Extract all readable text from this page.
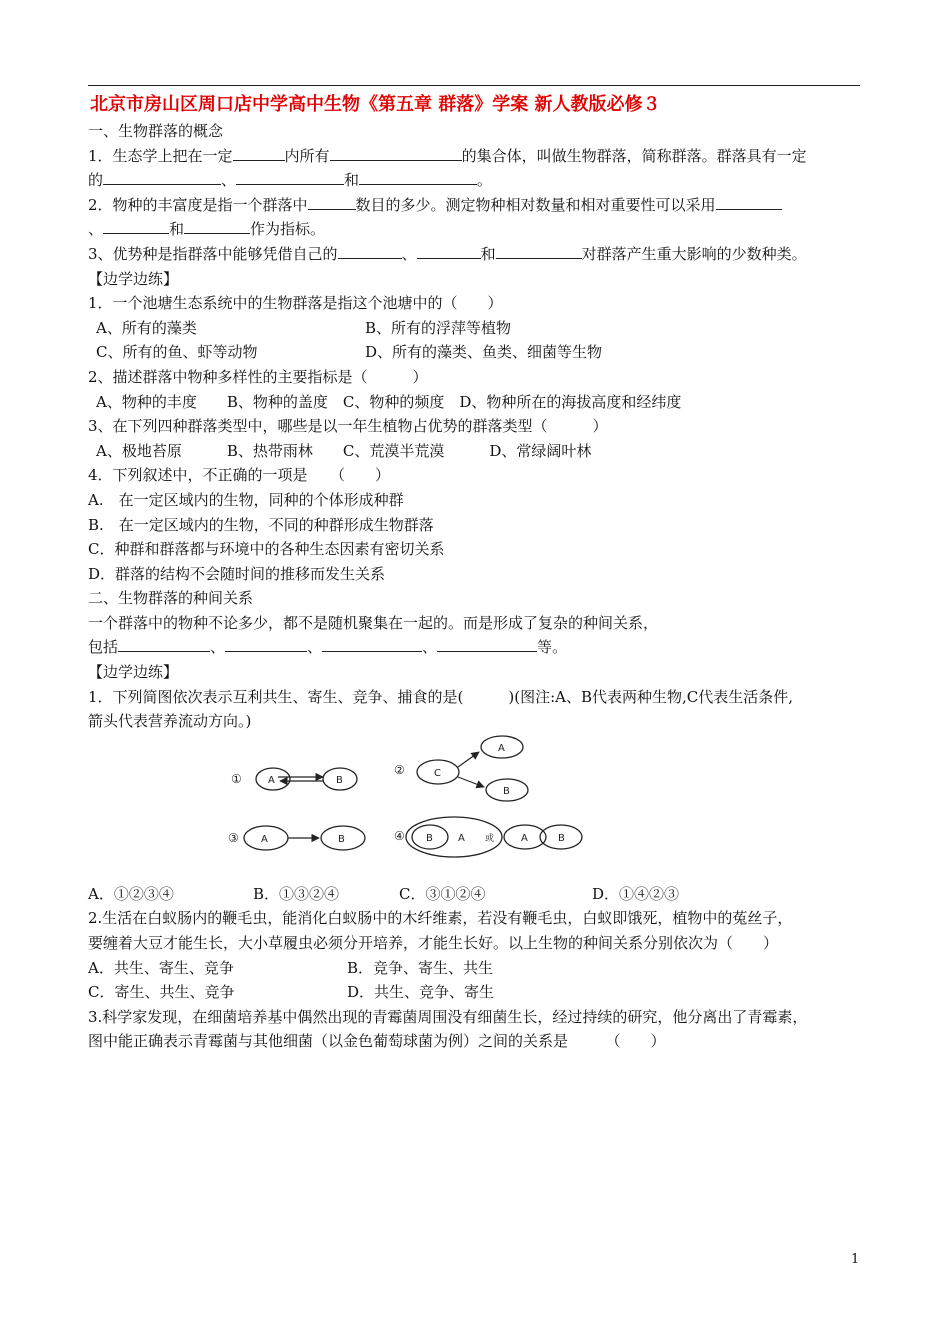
北京市房山区周口店中学高中生物《第五章 群落》学案 新人教版必修３
一、生物群落的概念
1．生态学上把在一定	内所有	的集合体，叫做生物群落，简称群落。群落具有一定
的	、	和	。
2．物种的丰富度是指一个群落中	数目的多少。测定物种相对数量和相对重要性可以采用
、	和	作为指标。
3、优势种是指群落中能够凭借自己的	、	和	对群落产生重大影响的少数种类。
【边学边练】
1．一个池塘生态系统中的生物群落是指这个池塘中的（　　）
A、所有的藻类	B、所有的浮萍等植物
C、所有的鱼、虾等动物	D、所有的藻类、鱼类、细菌等生物
2、描述群落中物种多样性的主要指标是（　　　）
A、物种的丰度　　B、物种的盖度　C、物种的频度　D、物种所在的海拔高度和经纬度
3、在下列四种群落类型中，哪些是以一年生植物占优势的群落类型（　　　）
A、极地苔原　　　B、热带雨林　　C、荒漠半荒漠　　　D、常绿阔叶林
4．下列叙述中，不正确的一项是　　（　　）
A.　在一定区域内的生物，同种的个体形成种群
B.　在一定区域内的生物，不同的种群形成生物群落
C．种群和群落都与环境中的各种生态因素有密切关系
D．群落的结构不会随时间的推移而发生关系
二、生物群落的种间关系
一个群落中的物种不论多少，都不是随机聚集在一起的。而是形成了复杂的种间关系，
包括	、	、	、	等。
【边学边练】
1．下列简图依次表示互利共生、寄生、竞争、捕食的是(　　　)(图注:A、B代表两种生物,C代表生活条件,
箭头代表营养流动方向。)
①	A	B
②	C
A
B
③ A	B	④ B	A 或	A	B
A．①②③④	B．①③②④	C．③①②④	D．①④②③
2.生活在白蚁肠内的鞭毛虫，能消化白蚁肠中的木纤维素，若没有鞭毛虫，白蚁即饿死，植物中的菟丝子，
要缠着大豆才能生长，大小草履虫必须分开培养，才能生长好。以上生物的种间关系分别依次为（　　）
A．共生、寄生、竞争	B．竞争、寄生、共生
C．寄生、共生、竞争	D．共生、竞争、寄生
3.科学家发现，在细菌培养基中偶然出现的青霉菌周围没有细菌生长，经过持续的研究，他分离出了青霉素，
图中能正确表示青霉菌与其他细菌（以金色葡萄球菌为例）之间的关系是　　　（　　）
1
